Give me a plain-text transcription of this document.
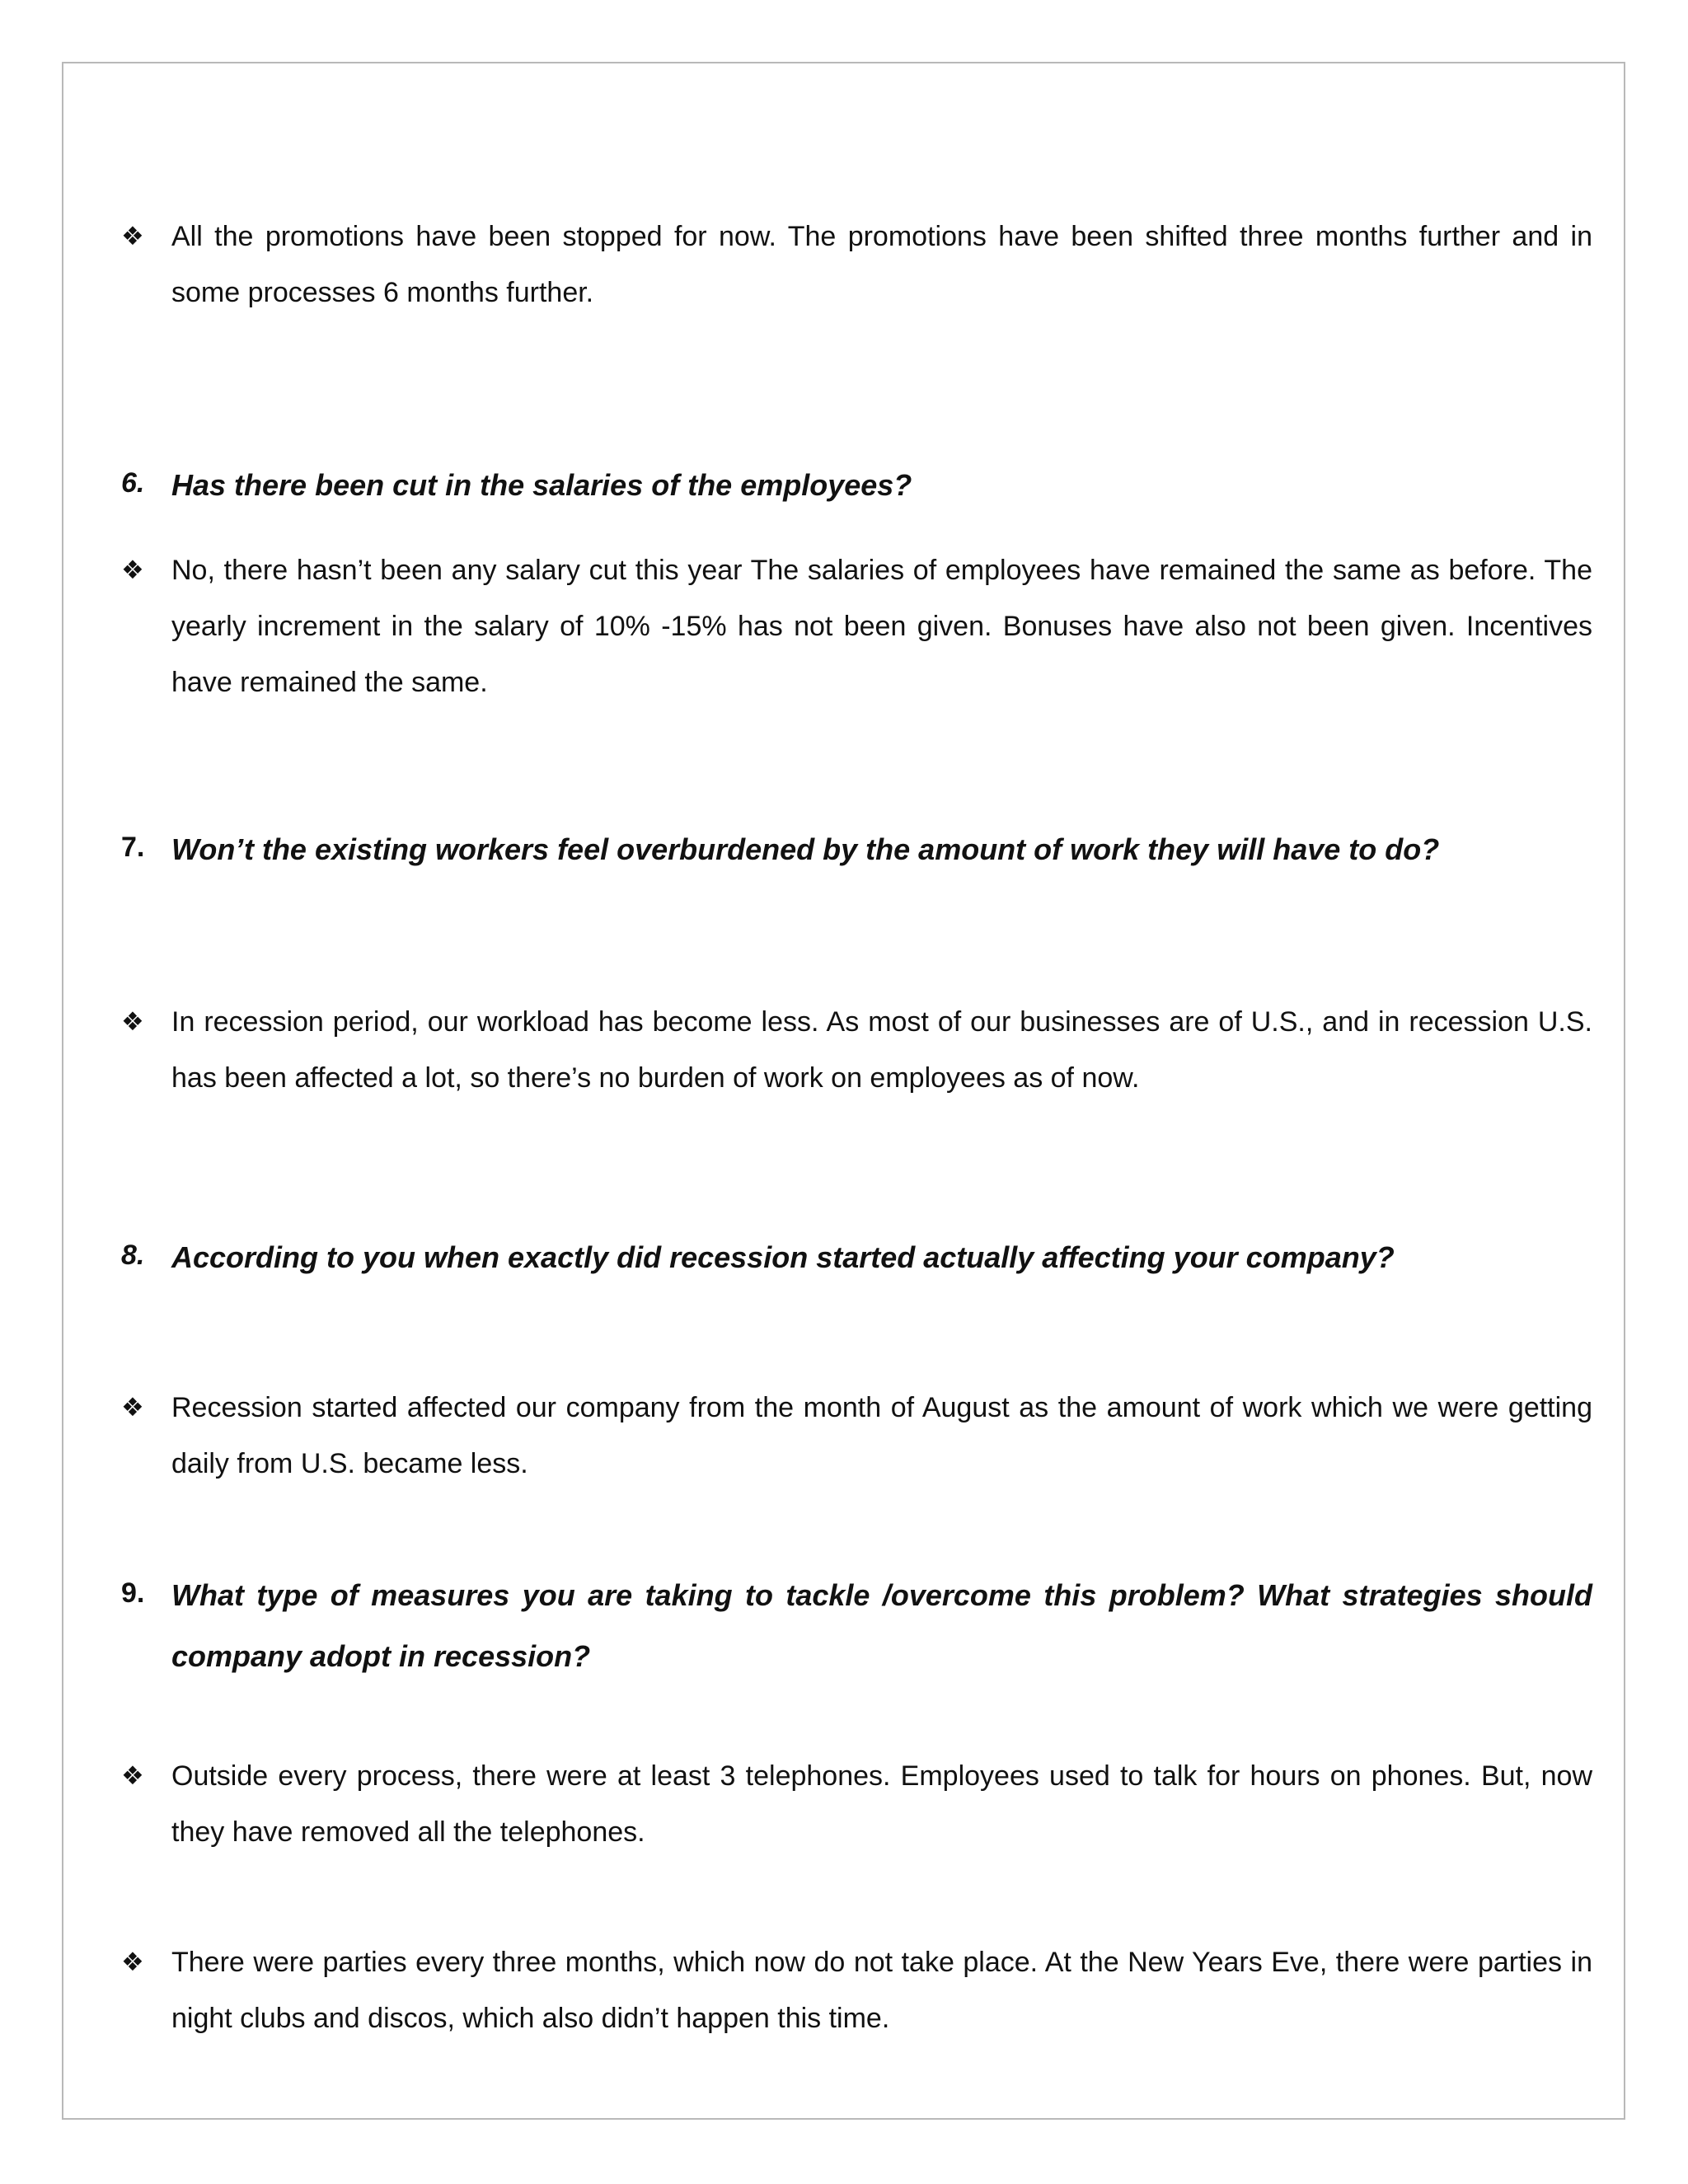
❖ All the promotions have been stopped for now. The promotions have been shifted three months further and in some processes 6 months further.
6. Has there been cut in the salaries of the employees?
❖ No, there hasn’t been any salary cut this year The salaries of employees have remained the same as before. The yearly increment in the salary of 10% -15% has not been given. Bonuses have also not been given. Incentives have remained the same.
7. Won’t the existing workers feel overburdened by the amount of work they will have to do?
❖ In recession period, our workload has become less. As most of our businesses are of U.S., and in recession U.S. has been affected a lot, so there’s no burden of work on employees as of now.
8. According to you when exactly did recession started actually affecting your company?
❖ Recession started affected our company from the month of August as the amount of work which we were getting daily from U.S. became less.
9. What type of measures you are taking to tackle /overcome this problem? What strategies should company adopt in recession?
❖ Outside every process, there were at least 3 telephones. Employees used to talk for hours on phones. But, now they have removed all the telephones.
❖ There were parties every three months, which now do not take place. At the New Years Eve, there were parties in night clubs and discos, which also didn’t happen this time.
